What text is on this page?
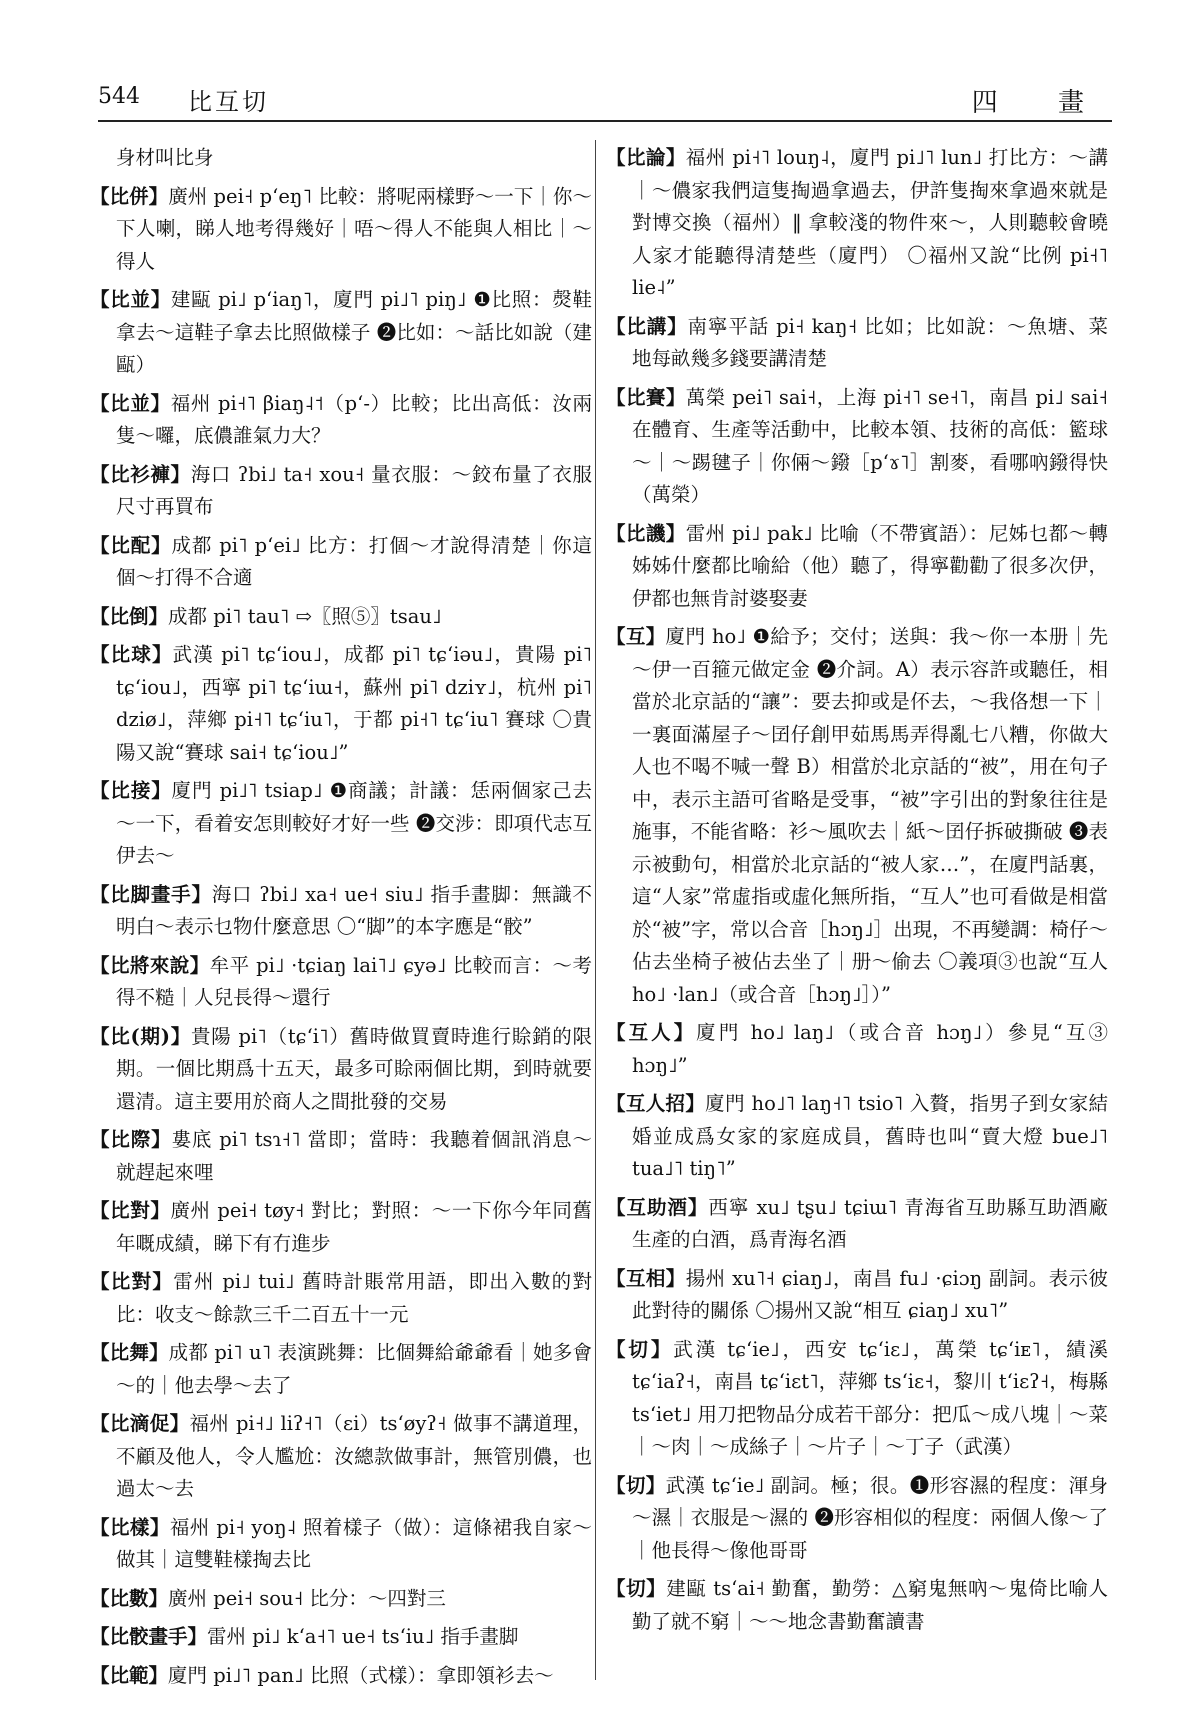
544 比互切	四 畫

身材叫比身

【比併】廣州 pei˧ pʻeŋ˥ 比較：將呢兩樣野～一下｜你～下人喇，睇人地考得幾好｜唔～得人不能與人相比｜～得人

【比並】建甌 pi˩ pʻiaŋ˥，廈門 pi˩˥ piŋ˩ ❶比照：㷫鞋拿去～這鞋子拿去比照做樣子 ❷比如：～話比如說（建甌）

【比並】福州 pi˧˥ βiaŋ˨˦（pʻ-）比較；比出高低：汝兩隻～囉，底儂誰氣力大？

【比衫褲】海口 ʔbi˩ ta˧ xou˧ 量衣服：～鉸布量了衣服尺寸再買布

【比配】成都 pi˥ pʻei˩ 比方：打個～才說得清楚｜你這個～打得不合適

【比倒】成都 pi˥ tau˥ ⇨〖照⑤〗tsau˩

【比球】武漢 pi˥ tɕʻiou˩，成都 pi˥ tɕʻiəu˩，貴陽 pi˥ tɕʻiou˩，西寧 pi˥ tɕʻiɯ˧，蘇州 pi˥ dziʏ˩，杭州 pi˥ dziø˩，萍鄉 pi˧˥ tɕʻiu˥，于都 pi˧˥ tɕʻiu˥ 賽球 〇貴陽又說“賽球 sai˧ tɕʻiou˩”

【比接】廈門 pi˩˥ tsiap˩ ❶商議；計議：恁兩個家己去～一下，看着安怎則較好才好一些 ❷交涉：即項代志互伊去～

【比脚畫手】海口 ʔbi˩ xa˧ ue˧ siu˩ 指手畫脚：無識不明白～表示乜物什麼意思 〇“脚”的本字應是“骹”

【比將來說】牟平 pi˩ ·tɕiaŋ lai˥˩ ɕyə˩ 比較而言：～考得不糙｜人兒長得～還行

【比(期)】貴陽 pi˥（tɕʻi˥）舊時做買賣時進行賒銷的限期。一個比期爲十五天，最多可賒兩個比期，到時就要還清。這主要用於商人之間批發的交易

【比際】婁底 pi˥ tsɿ˧˥ 當即；當時：我聽着個訊消息～就趕起來哩

【比對】廣州 pei˧ tøy˧ 對比；對照：～一下你今年同舊年嘅成績，睇下有冇進步

【比對】雷州 pi˩ tui˩ 舊時計賬常用語，即出入數的對比：收支～餘款三千二百五十一元

【比舞】成都 pi˥ u˥ 表演跳舞：比個舞給爺爺看｜她多會～的｜他去學～去了

【比滴促】福州 pi˧˩ liʔ˧˥（ɛi）tsʻøyʔ˧ 做事不講道理，不顧及他人，令人尷尬：汝總款做事計，無管別儂，也過太～去

【比樣】福州 pi˧ yoŋ˨ 照着樣子（做）：這條裙我自家～做其｜這雙鞋樣掏去比

【比數】廣州 pei˧ sou˧ 比分：～四對三

【比骹畫手】雷州 pi˩ kʻa˧˥ ue˧ tsʻiu˩ 指手畫脚

【比範】廈門 pi˩˥ pan˩ 比照（式樣）：拿即領衫去～

【比論】福州 pi˧˥ louŋ˨，廈門 pi˩˥ lun˩ 打比方：～講｜～儂家我們這隻掏過拿過去，伊許隻掏來拿過來就是對博交換（福州）‖ 拿較淺的物件來～，人則聽較會曉人家才能聽得清楚些（廈門） 〇福州又說“比例 pi˧˥ lie˨”

【比講】南寧平話 pi˧ kaŋ˧ 比如；比如說：～魚塘、菜地每畝幾多錢要講清楚

【比賽】萬榮 pei˥ sai˧，上海 pi˧˥ se˧˥，南昌 pi˩ sai˧ 在體育、生產等活動中，比較本領、技術的高低：籃球～｜～踢毽子｜你倆～鏺［pʻɤ˥］割麥，看哪吶鏺得快（萬榮）

【比譏】雷州 pi˩ pak˩ 比喻（不帶賓語）：尼姊乜都～轉姊姊什麼都比喻給（他）聽了，得寧勸勸了很多次伊，伊都也無肯討婆娶妻

【互】廈門 ho˩ ❶給予；交付；送與：我～你一本册｜先～伊一百箍元做定金 ❷介詞。A）表示容許或聽任，相當於北京話的“讓”：要去抑或是伓去，～我佫想一下｜一裏面滿屋子～囝仔創甲茹馬馬弄得亂七八糟，你做大人也不喝不喊一聲 B）相當於北京話的“被”，用在句子中，表示主語可省略是受事，“被”字引出的對象往往是施事，不能省略：衫～風吹去｜紙～囝仔拆破撕破 ❸表示被動句，相當於北京話的“被人家…”，在廈門話裏，這“人家”常虛指或虛化無所指，“互人”也可看做是相當於“被”字，常以合音［hɔŋ˩］出現，不再變調：椅仔～佔去坐椅子被佔去坐了｜册～偷去 〇義項③也說“互人 ho˩ ·lan˩（或合音［hɔŋ˩］）”

【互人】廈門 ho˩ laŋ˩（或合音 hɔŋ˩）參見“互③ hɔŋ˩”

【互人招】廈門 ho˩˥ laŋ˧˥ tsio˥ 入贅，指男子到女家結婚並成爲女家的家庭成員，舊時也叫“賣大燈 bue˩˥ tua˩˥ tiŋ˥”

【互助酒】西寧 xu˩ tʂu˩ tɕiɯ˥ 青海省互助縣互助酒廠生產的白酒，爲青海名酒

【互相】揚州 xu˥˧ ɕiaŋ˩，南昌 fu˩ ·ɕiɔŋ 副詞。表示彼此對待的關係 〇揚州又說“相互 ɕiaŋ˩ xu˥”

【切】武漢 tɕʻie˩，西安 tɕʻiɛ˩，萬榮 tɕʻiᴇ˥，績溪 tɕʻiaʔ˧，南昌 tɕʻiɛt˥，萍鄉 tsʻiɛ˧，黎川 tʻiɛʔ˧，梅縣 tsʻiet˩ 用刀把物品分成若干部分：把瓜～成八塊｜～菜｜～肉｜～成絲子｜～片子｜～丁子（武漢）

【切】武漢 tɕʻie˩ 副詞。極；很。❶形容濕的程度：渾身～濕｜衣服是～濕的 ❷形容相似的程度：兩個人像～了｜他長得～像他哥哥

【切】建甌 tsʻai˧ 勤奮，勤勞：△窮鬼無吶～鬼倚比喻人勤了就不窮｜～～地念書勤奮讀書
